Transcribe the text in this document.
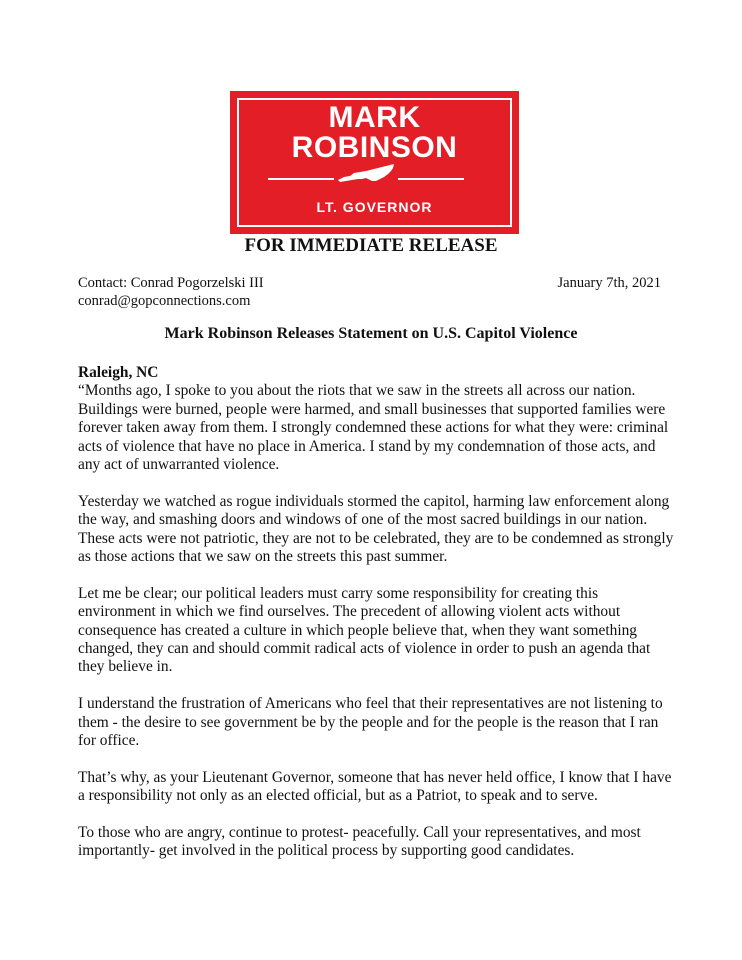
MARK
ROBINSON
LT. GOVERNOR
FOR IMMEDIATE RELEASE
Contact: Conrad Pogorzelski III
conrad@gopconnections.com
January 7th, 2021
Mark Robinson Releases Statement on U.S. Capitol Violence

Raleigh, NC
“Months ago, I spoke to you about the riots that we saw in the streets all across our nation. Buildings were burned, people were harmed, and small businesses that supported families were forever taken away from them. I strongly condemned these actions for what they were: criminal acts of violence that have no place in America. I stand by my condemnation of those acts, and any act of unwarranted violence.

Yesterday we watched as rogue individuals stormed the capitol, harming law enforcement along the way, and smashing doors and windows of one of the most sacred buildings in our nation. These acts were not patriotic, they are not to be celebrated, they are to be condemned as strongly as those actions that we saw on the streets this past summer.

Let me be clear; our political leaders must carry some responsibility for creating this environment in which we find ourselves. The precedent of allowing violent acts without consequence has created a culture in which people believe that, when they want something changed, they can and should commit radical acts of violence in order to push an agenda that they believe in.

I understand the frustration of Americans who feel that their representatives are not listening to them - the desire to see government be by the people and for the people is the reason that I ran for office.

That’s why, as your Lieutenant Governor, someone that has never held office, I know that I have a responsibility not only as an elected official, but as a Patriot, to speak and to serve.

To those who are angry, continue to protest- peacefully. Call your representatives, and most importantly- get involved in the political process by supporting good candidates.
